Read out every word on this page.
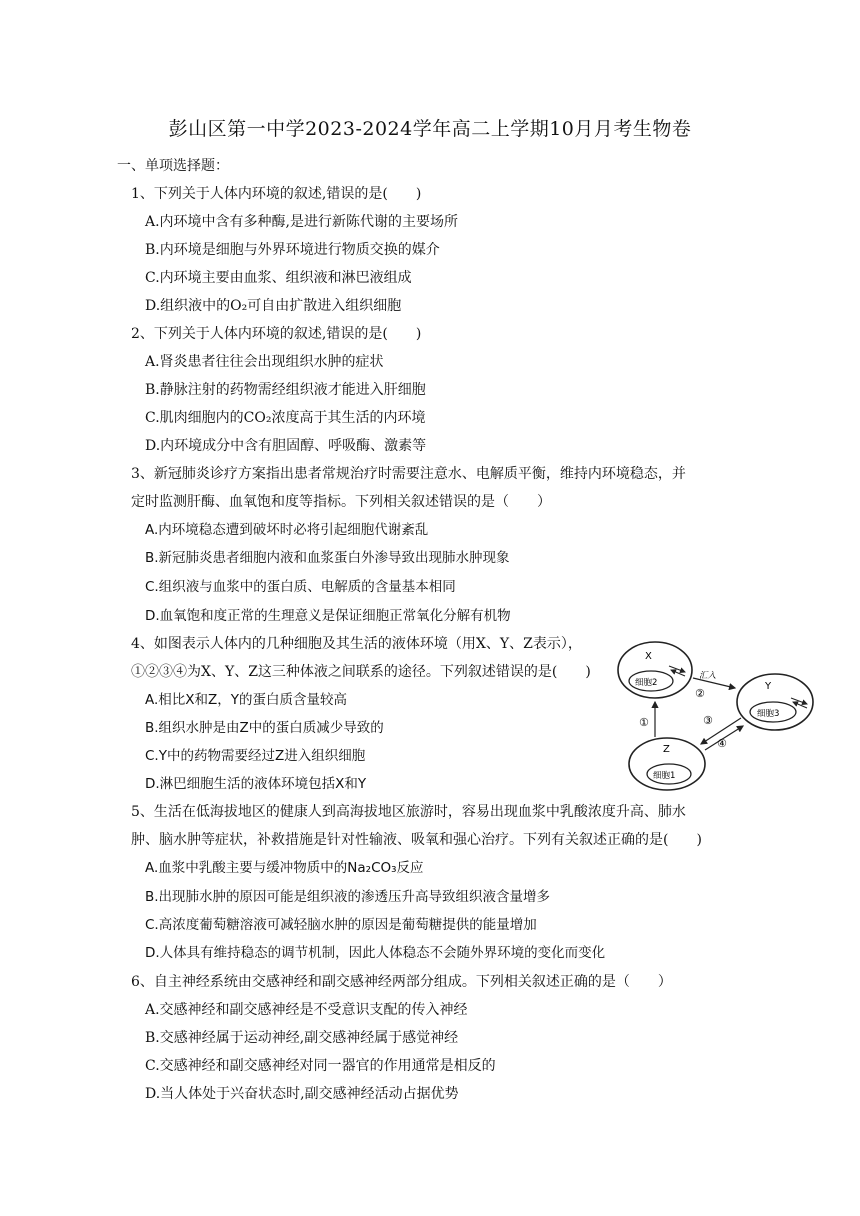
彭山区第一中学2023-2024学年高二上学期10月月考生物卷
一、单项选择题：
1、下列关于人体内环境的叙述,错误的是(　　)
A.内环境中含有多种酶,是进行新陈代谢的主要场所
B.内环境是细胞与外界环境进行物质交换的媒介
C.内环境主要由血浆、组织液和淋巴液组成
D.组织液中的O₂可自由扩散进入组织细胞
2、下列关于人体内环境的叙述,错误的是(　　)
A.肾炎患者往往会出现组织水肿的症状
B.静脉注射的药物需经组织液才能进入肝细胞
C.肌肉细胞内的CO₂浓度高于其生活的内环境
D.内环境成分中含有胆固醇、呼吸酶、激素等
3、新冠肺炎诊疗方案指出患者常规治疗时需要注意水、电解质平衡，维持内环境稳态，并
定时监测肝酶、血氧饱和度等指标。下列相关叙述错误的是（　　）
A.内环境稳态遭到破坏时必将引起细胞代谢紊乱
B.新冠肺炎患者细胞内液和血浆蛋白外渗导致出现肺水肿现象
C.组织液与血浆中的蛋白质、电解质的含量基本相同
D.血氧饱和度正常的生理意义是保证细胞正常氧化分解有机物
4、如图表示人体内的几种细胞及其生活的液体环境（用X、Y、Z表示），
①②③④为X、Y、Z这三种体液之间联系的途径。下列叙述错误的是(　　)
A.相比X和Z，Y的蛋白质含量较高
B.组织水肿是由Z中的蛋白质减少导致的
C.Y中的药物需要经过Z进入组织细胞
D.淋巴细胞生活的液体环境包括X和Y
X
细胞2	Y
细胞3
Z
细胞1
汇入
②
①	③
④
5、生活在低海拔地区的健康人到高海拔地区旅游时，容易出现血浆中乳酸浓度升高、肺水
肿、脑水肿等症状，补救措施是针对性输液、吸氧和强心治疗。下列有关叙述正确的是(　　)
A.血浆中乳酸主要与缓冲物质中的Na₂CO₃反应
B.出现肺水肿的原因可能是组织液的渗透压升高导致组织液含量增多
C.高浓度葡萄糖溶液可减轻脑水肿的原因是葡萄糖提供的能量增加
D.人体具有维持稳态的调节机制，因此人体稳态不会随外界环境的变化而变化
6、自主神经系统由交感神经和副交感神经两部分组成。下列相关叙述正确的是（　　）
A.交感神经和副交感神经是不受意识支配的传入神经
B.交感神经属于运动神经,副交感神经属于感觉神经
C.交感神经和副交感神经对同一器官的作用通常是相反的
D.当人体处于兴奋状态时,副交感神经活动占据优势
